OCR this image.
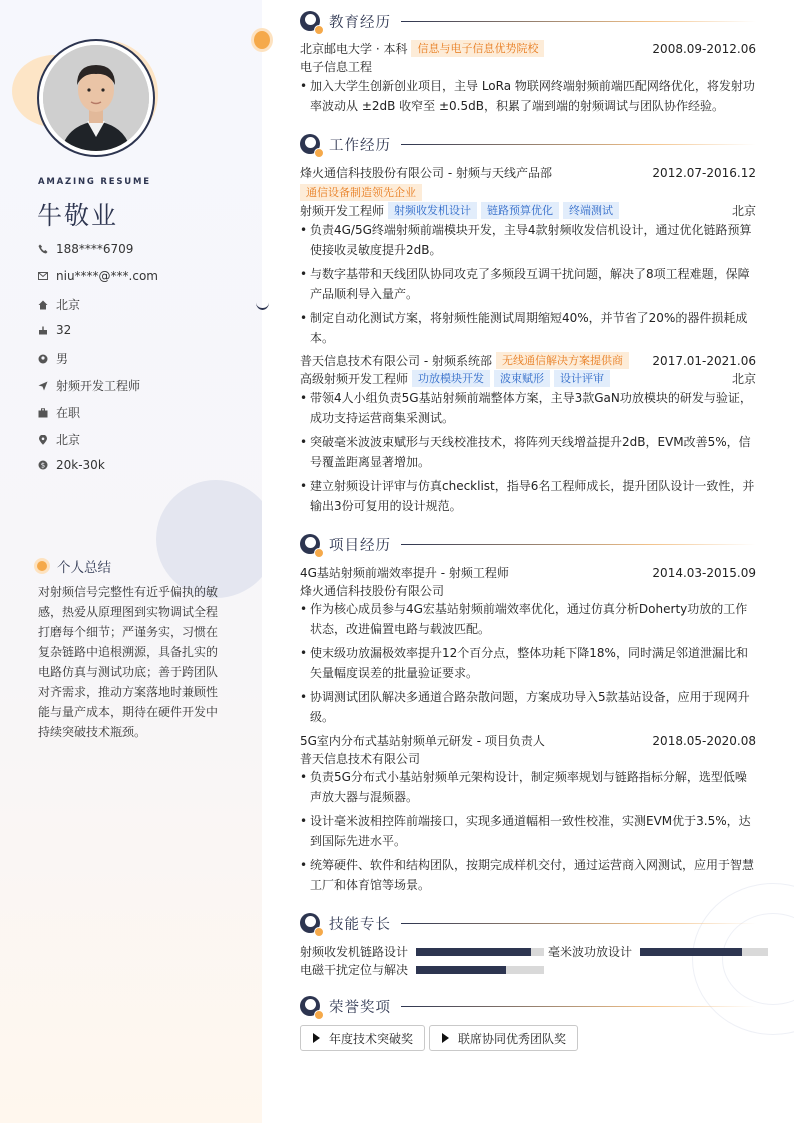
AMAZING RESUME
牛敬业
188****6709
niu****@***.com
北京
32
男
射频开发工程师
在职
北京
$ 20k-30k
个人总结
对射频信号完整性有近乎偏执的敏感，热爱从原理图到实物调试全程打磨每个细节；严谨务实，习惯在复杂链路中追根溯源，具备扎实的电路仿真与测试功底；善于跨团队对齐需求，推动方案落地时兼顾性能与量产成本，期待在硬件开发中持续突破技术瓶颈。
教育经历
北京邮电大学 · 本科 信息与电子信息优势院校	2008.09-2012.06
电子信息工程
• 加入大学生创新创业项目，主导 LoRa 物联网终端射频前端匹配网络优化，将发射功率波动从 ±2dB 收窄至 ±0.5dB，积累了端到端的射频调试与团队协作经验。
工作经历
烽火通信科技股份有限公司 - 射频与天线产品部	2012.07-2016.12
通信设备制造领先企业
射频开发工程师 射频收发机设计	链路预算优化	终端测试	北京
• 负责4G/5G终端射频前端模块开发，主导4款射频收发信机设计，通过优化链路预算使接收灵敏度提升2dB。
• 与数字基带和天线团队协同攻克了多频段互调干扰问题，解决了8项工程难题，保障产品顺利导入量产。
• 制定自动化测试方案，将射频性能测试周期缩短40%，并节省了20%的器件损耗成本。
普天信息技术有限公司 - 射频系统部 无线通信解决方案提供商	2017.01-2021.06
高级射频开发工程师 功放模块开发	波束赋形	设计评审	北京
• 带领4人小组负责5G基站射频前端整体方案，主导3款GaN功放模块的研发与验证，成功支持运营商集采测试。
• 突破毫米波波束赋形与天线校准技术，将阵列天线增益提升2dB，EVM改善5%，信号覆盖距离显著增加。
• 建立射频设计评审与仿真checklist，指导6名工程师成长，提升团队设计一致性，并输出3份可复用的设计规范。
项目经历
4G基站射频前端效率提升 - 射频工程师	2014.03-2015.09
烽火通信科技股份有限公司
• 作为核心成员参与4G宏基站射频前端效率优化，通过仿真分析Doherty功放的工作状态，改进偏置电路与载波匹配。
• 使末级功放漏极效率提升12个百分点，整体功耗下降18%，同时满足邻道泄漏比和矢量幅度误差的批量验证要求。
• 协调测试团队解决多通道合路杂散问题，方案成功导入5款基站设备，应用于现网升级。
5G室内分布式基站射频单元研发 - 项目负责人	2018.05-2020.08
普天信息技术有限公司
• 负责5G分布式小基站射频单元架构设计，制定频率规划与链路指标分解，选型低噪声放大器与混频器。
• 设计毫米波相控阵前端接口，实现多通道幅相一致性校准，实测EVM优于3.5%，达到国际先进水平。
• 统筹硬件、软件和结构团队，按期完成样机交付，通过运营商入网测试，应用于智慧工厂和体育馆等场景。
技能专长
射频收发机链路设计	毫米波功放设计
电磁干扰定位与解决
荣誉奖项
年度技术突破奖	联席协同优秀团队奖
